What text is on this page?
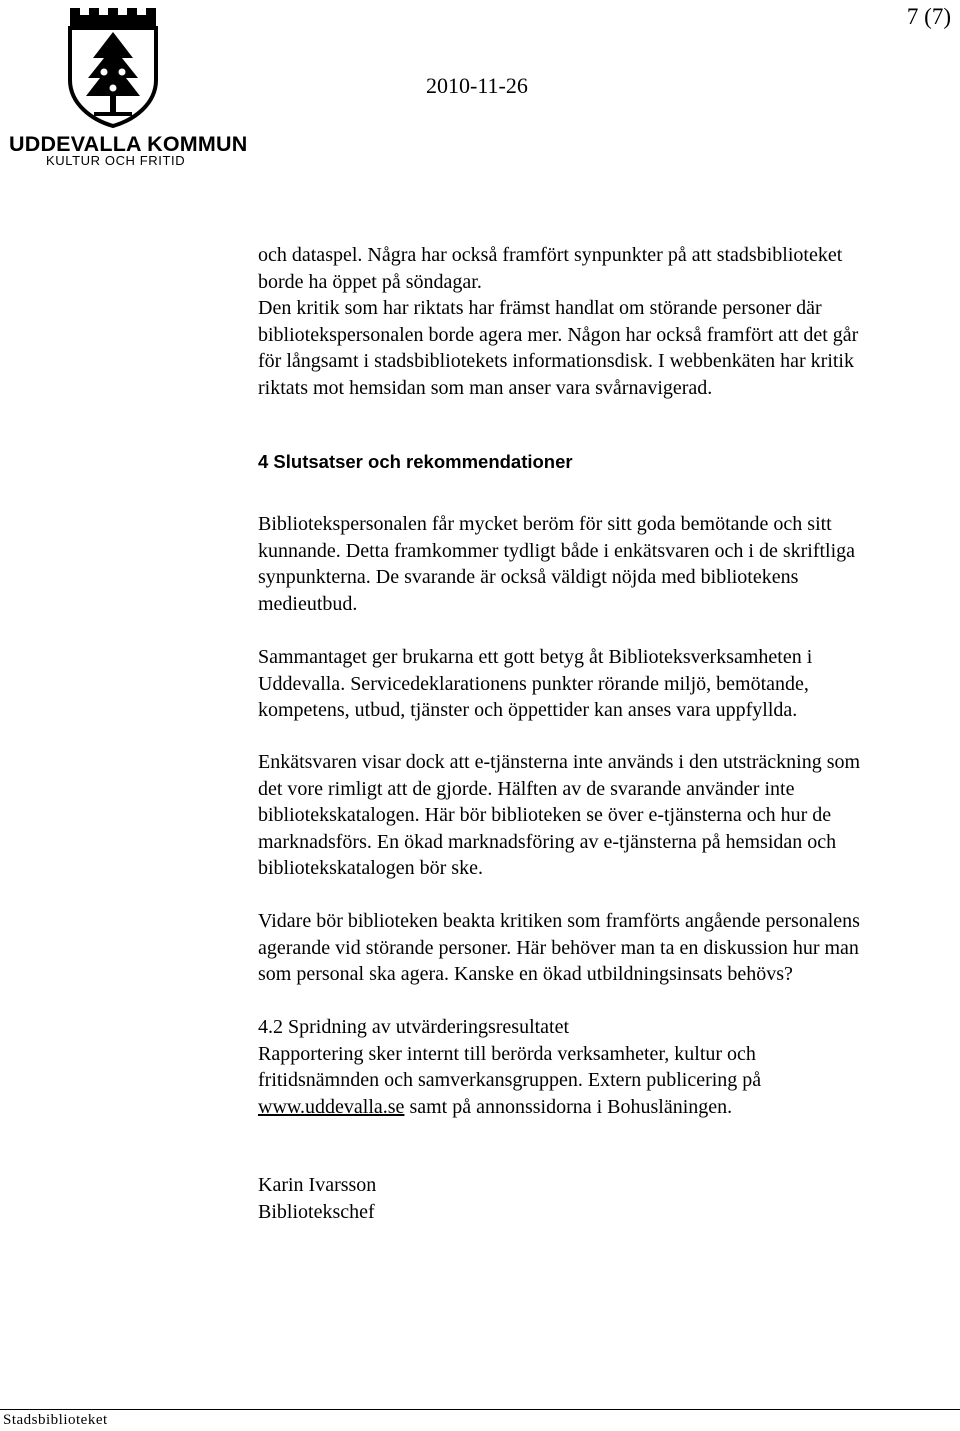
UDDEVALLA KOMMUN
KULTUR OCH FRITID
7 (7)
2010-11-26

och dataspel. Några har också framfört synpunkter på att stadsbiblioteket
borde ha öppet på söndagar.
Den kritik som har riktats har främst handlat om störande personer där
bibliotekspersonalen borde agera mer. Någon har också framfört att det går
för långsamt i stadsbibliotekets informationsdisk. I webbenkäten har kritik
riktats mot hemsidan som man anser vara svårnavigerad.

4 Slutsatser och rekommendationer

Bibliotekspersonalen får mycket beröm för sitt goda bemötande och sitt
kunnande. Detta framkommer tydligt både i enkätsvaren och i de skriftliga
synpunkterna. De svarande är också väldigt nöjda med bibliotekens
medieutbud.

Sammantaget ger brukarna ett gott betyg åt Biblioteksverksamheten i
Uddevalla. Servicedeklarationens punkter rörande miljö, bemötande,
kompetens, utbud, tjänster och öppettider kan anses vara uppfyllda.

Enkätsvaren visar dock att e-tjänsterna inte används i den utsträckning som
det vore rimligt att de gjorde. Hälften av de svarande använder inte
bibliotekskatalogen. Här bör biblioteken se över e-tjänsterna och hur de
marknadsförs. En ökad marknadsföring av e-tjänsterna på hemsidan och
bibliotekskatalogen bör ske.

Vidare bör biblioteken beakta kritiken som framförts angående personalens
agerande vid störande personer. Här behöver man ta en diskussion hur man
som personal ska agera. Kanske en ökad utbildningsinsats behövs?

4.2 Spridning av utvärderingsresultatet
Rapportering sker internt till berörda verksamheter, kultur och
fritidsnämnden och samverkansgruppen. Extern publicering på
www.uddevalla.se samt på annonssidorna i Bohusläningen.

Karin Ivarsson
Bibliotekschef

Stadsbiblioteket
